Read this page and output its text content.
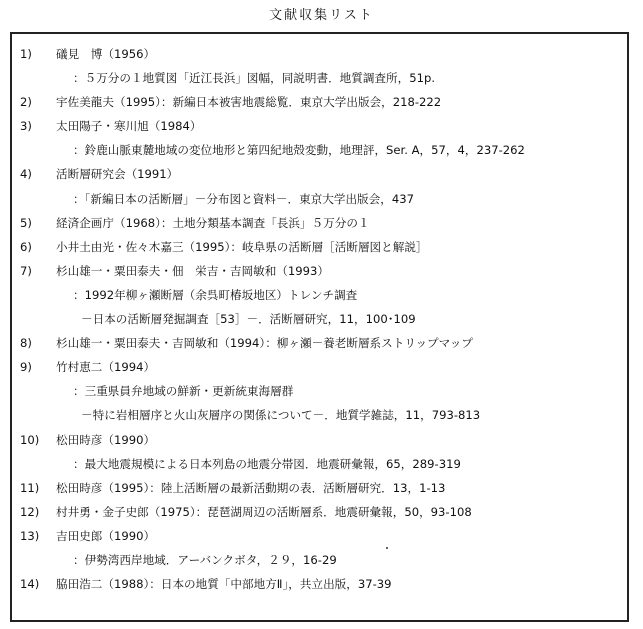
文献収集リスト
1) 礒見　博（1956）
：５万分の１地質図「近江長浜」図幅，同説明書．地質調査所，51p.
2) 宇佐美龍夫（1995）：新編日本被害地震総覧．東京大学出版会，218-222
3) 太田陽子・寒川旭（1984）
：鈴鹿山脈東麓地域の変位地形と第四紀地殻変動，地理評，Ser. A，57，4，237-262
4) 活断層研究会（1991）
：「新編日本の活断層」－分布図と資料－．東京大学出版会，437
5) 経済企画庁（1968）：土地分類基本調査「長浜」５万分の１
6) 小井土由光・佐々木嘉三（1995）：岐阜県の活断層［活断層図と解説］
7) 杉山雄一・粟田泰夫・佃　栄吉・吉岡敏和（1993）
：1992年柳ヶ瀬断層（余呉町椿坂地区）トレンチ調査
－日本の活断層発掘調査［53］－．活断層研究，11，100･109
8) 杉山雄一・粟田泰夫・吉岡敏和（1994）：柳ヶ瀬－養老断層系ストリップマップ
9) 竹村恵二（1994）
：三重県員弁地域の鮮新・更新統東海層群
－特に岩相層序と火山灰層序の関係について－．地質学雑誌，11，793-813
10) 松田時彦（1990）
：最大地震規模による日本列島の地震分帯図．地震研彙報，65，289-319
11) 松田時彦（1995）：陸上活断層の最新活動期の表．活断層研究．13，1-13
12) 村井勇・金子史郎（1975）：琵琶湖周辺の活断層系．地震研彙報，50，93-108
13) 吉田史郎（1990）
：伊勢湾西岸地域．アーバンクボタ，２９，16-29
14) 脇田浩二（1988）：日本の地質「中部地方Ⅱ」，共立出版，37-39
